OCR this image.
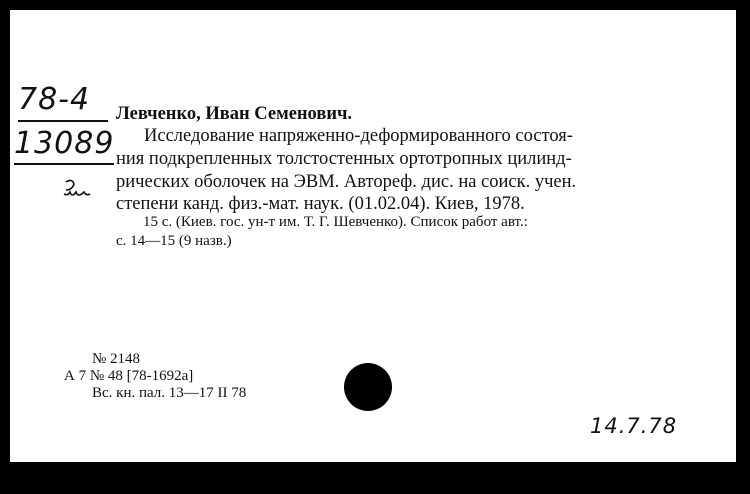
78-4
13089
Левченко, Иван Семенович.
Исследование напряженно-деформированного состоя-
ния подкрепленных толстостенных ортотропных цилинд-
рических оболочек на ЭВМ. Автореф. дис. на соиск. учен.
степени канд. физ.-мат. наук. (01.02.04). Киев, 1978.
15 с. (Киев. гос. ун-т им. Т. Г. Шевченко). Список работ авт.:
с. 14—15 (9 назв.)
№ 2148
А 7 № 48 [78-1692а]
Вс. кн. пал. 13—17 II 78
14.7.78
